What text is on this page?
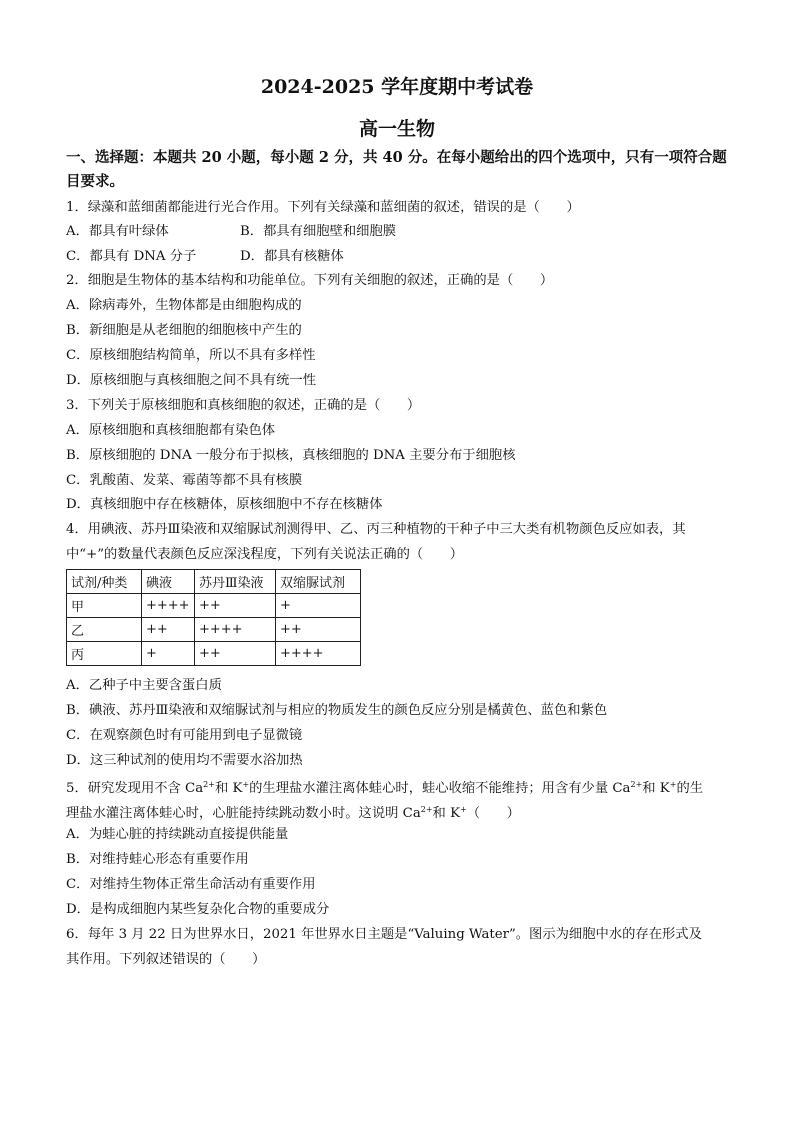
2024-2025 学年度期中考试卷
高一生物
一、选择题：本题共 20 小题，每小题 2 分，共 40 分。在每小题给出的四个选项中，只有一项符合题目要求。
1．绿藻和蓝细菌都能进行光合作用。下列有关绿藻和蓝细菌的叙述，错误的是（　　）
A．都具有叶绿体	B．都具有细胞壁和细胞膜
C．都具有 DNA 分子	D．都具有核糖体
2．细胞是生物体的基本结构和功能单位。下列有关细胞的叙述，正确的是（　　）
A．除病毒外，生物体都是由细胞构成的
B．新细胞是从老细胞的细胞核中产生的
C．原核细胞结构简单，所以不具有多样性
D．原核细胞与真核细胞之间不具有统一性
3．下列关于原核细胞和真核细胞的叙述，正确的是（　　）
A．原核细胞和真核细胞都有染色体
B．原核细胞的 DNA 一般分布于拟核，真核细胞的 DNA 主要分布于细胞核
C．乳酸菌、发菜、霉菌等都不具有核膜
D．真核细胞中存在核糖体，原核细胞中不存在核糖体
4．用碘液、苏丹Ⅲ染液和双缩脲试剂测得甲、乙、丙三种植物的干种子中三大类有机物颜色反应如表，其
中“+”的数量代表颜色反应深浅程度，下列有关说法正确的（　　）
试剂/种类	碘液	苏丹Ⅲ染液	双缩脲试剂
甲	++++	++	+
乙	++	++++	++
丙	+	++	++++
A．乙种子中主要含蛋白质
B．碘液、苏丹Ⅲ染液和双缩脲试剂与相应的物质发生的颜色反应分别是橘黄色、蓝色和紫色
C．在观察颜色时有可能用到电子显微镜
D．这三种试剂的使用均不需要水浴加热
5．研究发现用不含 $Ca^{2+}$和 K+的生理盐水灌注离体蛙心时，蛙心收缩不能维持；用含有少量 $Ca^{2+}$和 K+的生
理盐水灌注离体蛙心时，心脏能持续跳动数小时。这说明 $Ca^{2+}$和 K+（　　）
A．为蛙心脏的持续跳动直接提供能量
B．对维持蛙心形态有重要作用
C．对维持生物体正常生命活动有重要作用
D．是构成细胞内某些复杂化合物的重要成分
6．每年 3 月 22 日为世界水日，2021 年世界水日主题是“Valuing Water”。图示为细胞中水的存在形式及
其作用。下列叙述错误的（　　）
